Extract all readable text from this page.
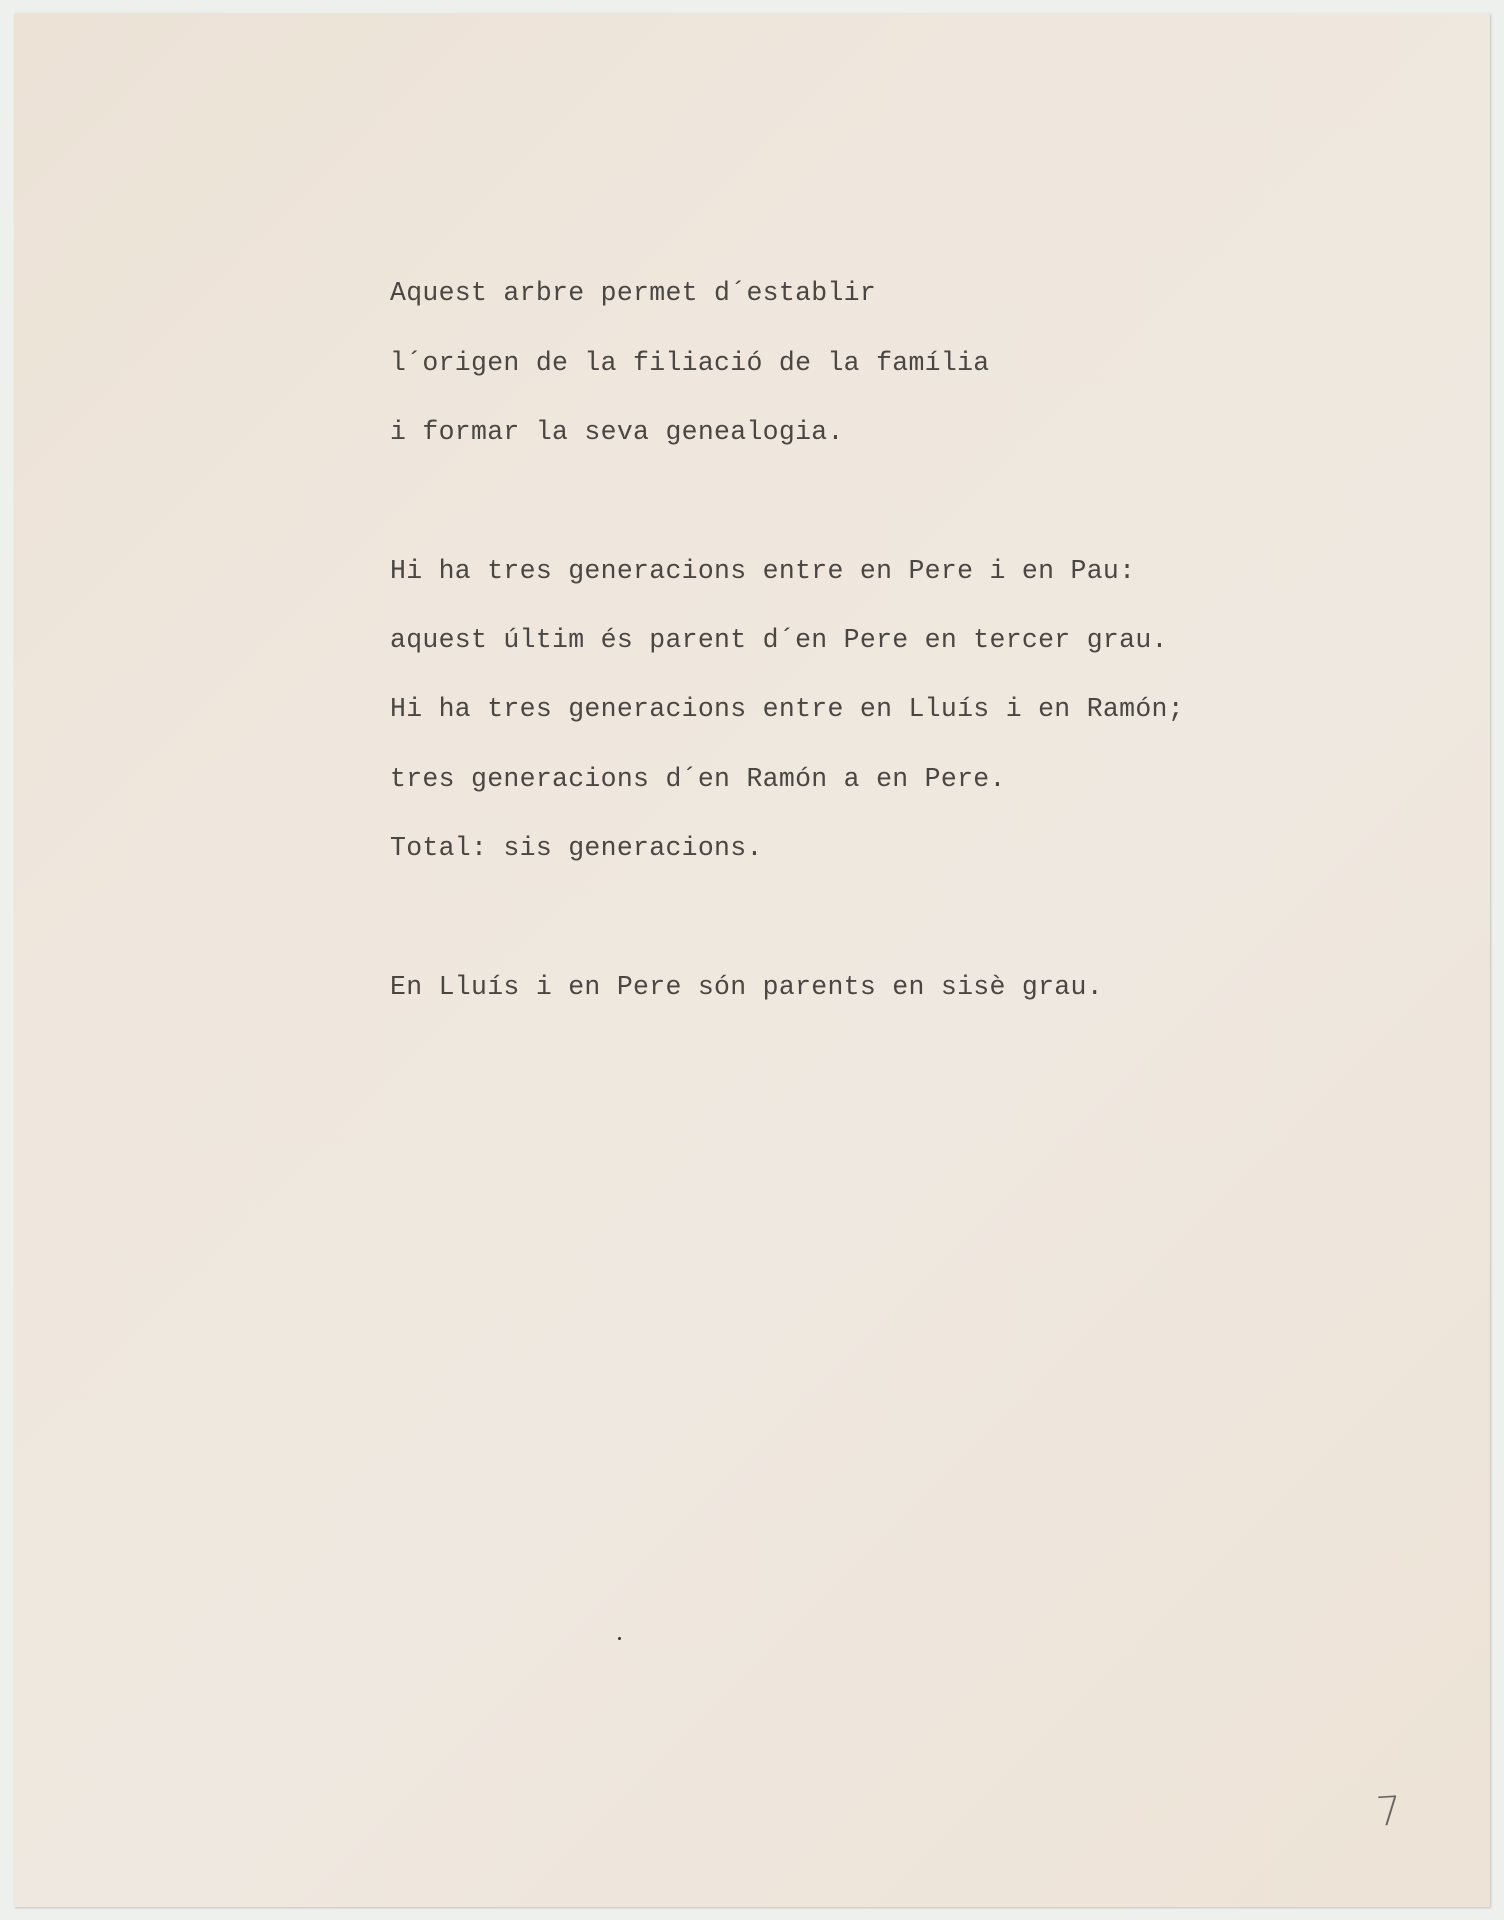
Aquest arbre permet d´establir

l´origen de la filiació de la família

i formar la seva genealogia.

Hi ha tres generacions entre en Pere i en Pau:

aquest últim és parent d´en Pere en tercer grau.

Hi ha tres generacions entre en Lluís i en Ramón;

tres generacions d´en Ramón a en Pere.

Total: sis generacions.

En Lluís i en Pere són parents en sisè grau.

7
